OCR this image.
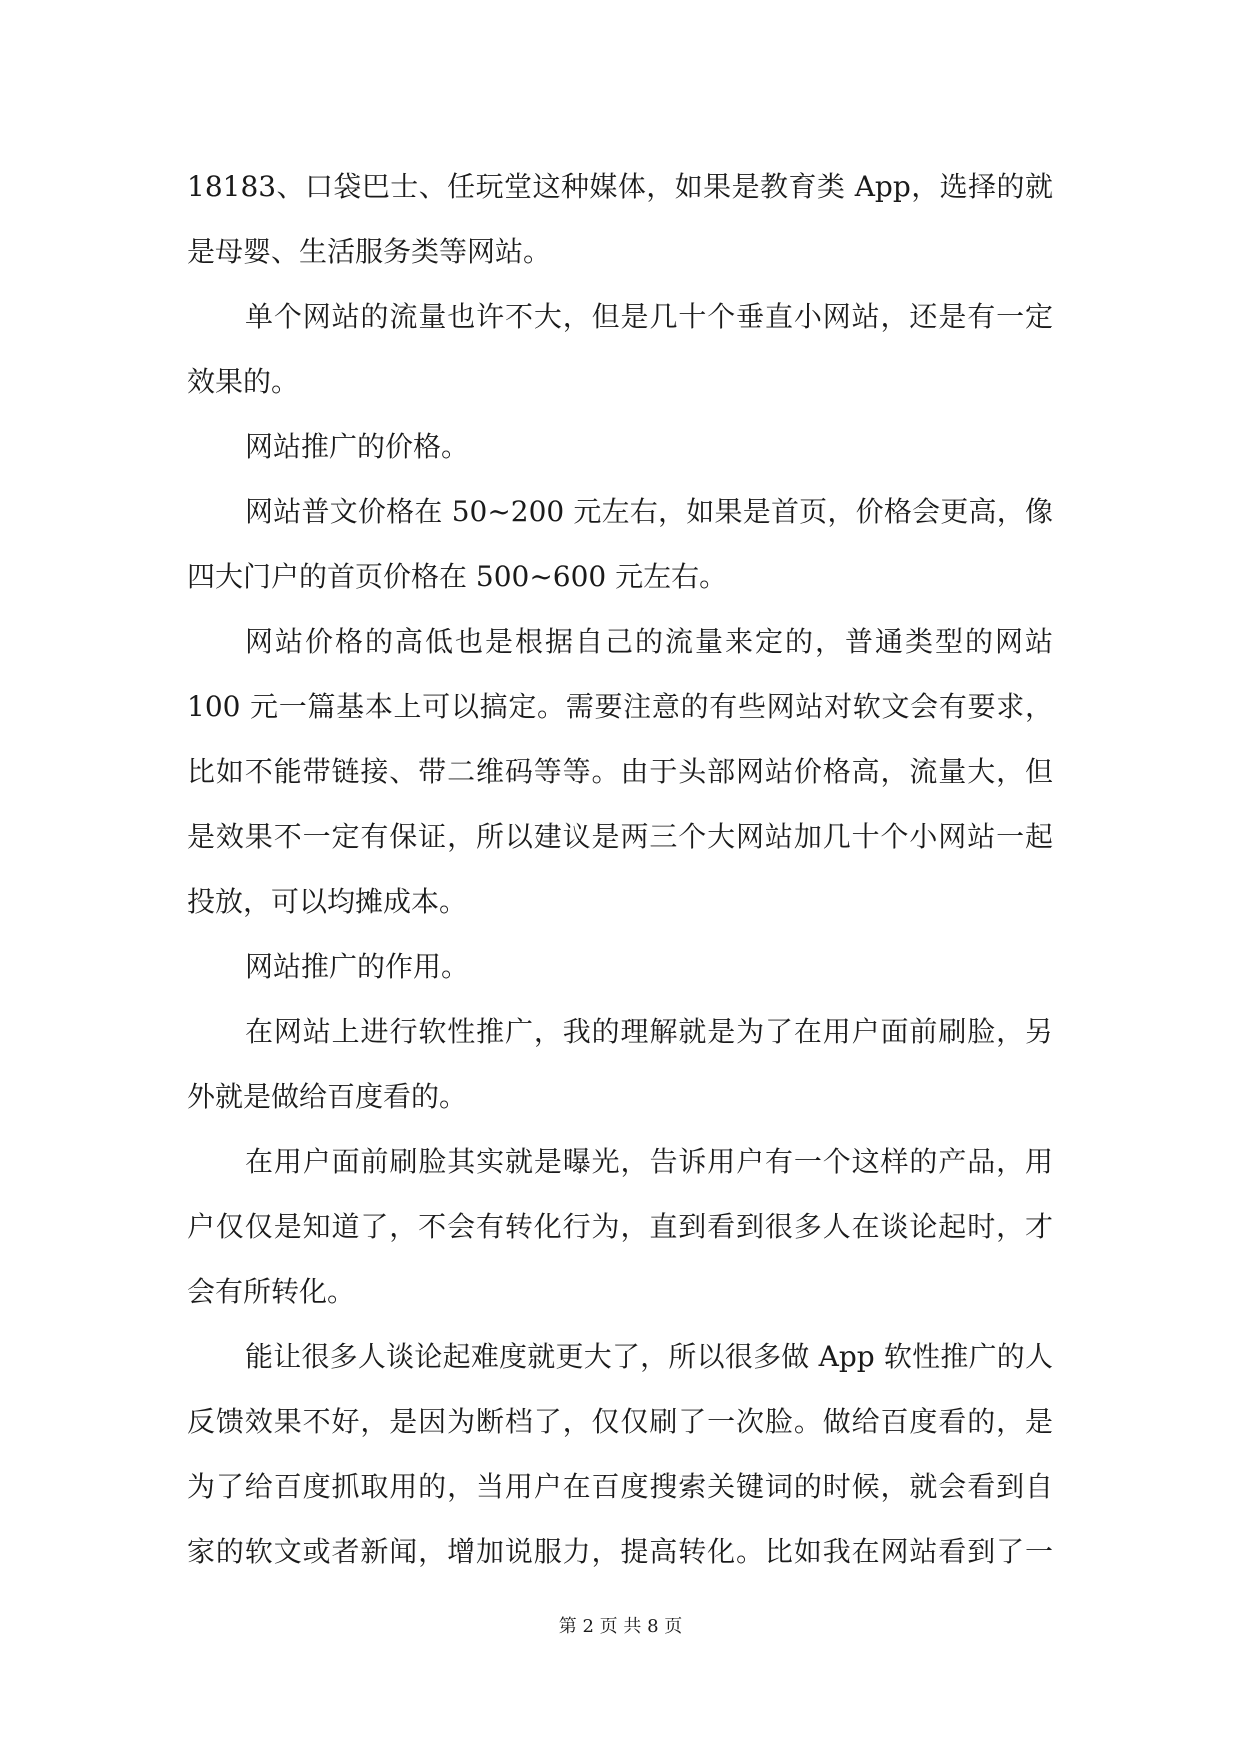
18183、口袋巴士、任玩堂这种媒体，如果是教育类 App，选择的就
是母婴、生活服务类等网站。
单个网站的流量也许不大，但是几十个垂直小网站，还是有一定
效果的。
网站推广的价格。
网站普文价格在 50~200 元左右，如果是首页，价格会更高，像
四大门户的首页价格在 500~600 元左右。
网站价格的高低也是根据自己的流量来定的，普通类型的网站
100 元一篇基本上可以搞定。需要注意的有些网站对软文会有要求，
比如不能带链接、带二维码等等。由于头部网站价格高，流量大，但
是效果不一定有保证，所以建议是两三个大网站加几十个小网站一起
投放，可以均摊成本。
网站推广的作用。
在网站上进行软性推广，我的理解就是为了在用户面前刷脸，另
外就是做给百度看的。
在用户面前刷脸其实就是曝光，告诉用户有一个这样的产品，用
户仅仅是知道了，不会有转化行为，直到看到很多人在谈论起时，才
会有所转化。
能让很多人谈论起难度就更大了，所以很多做 App 软性推广的人
反馈效果不好，是因为断档了，仅仅刷了一次脸。做给百度看的，是
为了给百度抓取用的，当用户在百度搜索关键词的时候，就会看到自
家的软文或者新闻，增加说服力，提高转化。比如我在网站看到了一
第 2 页 共 8 页
